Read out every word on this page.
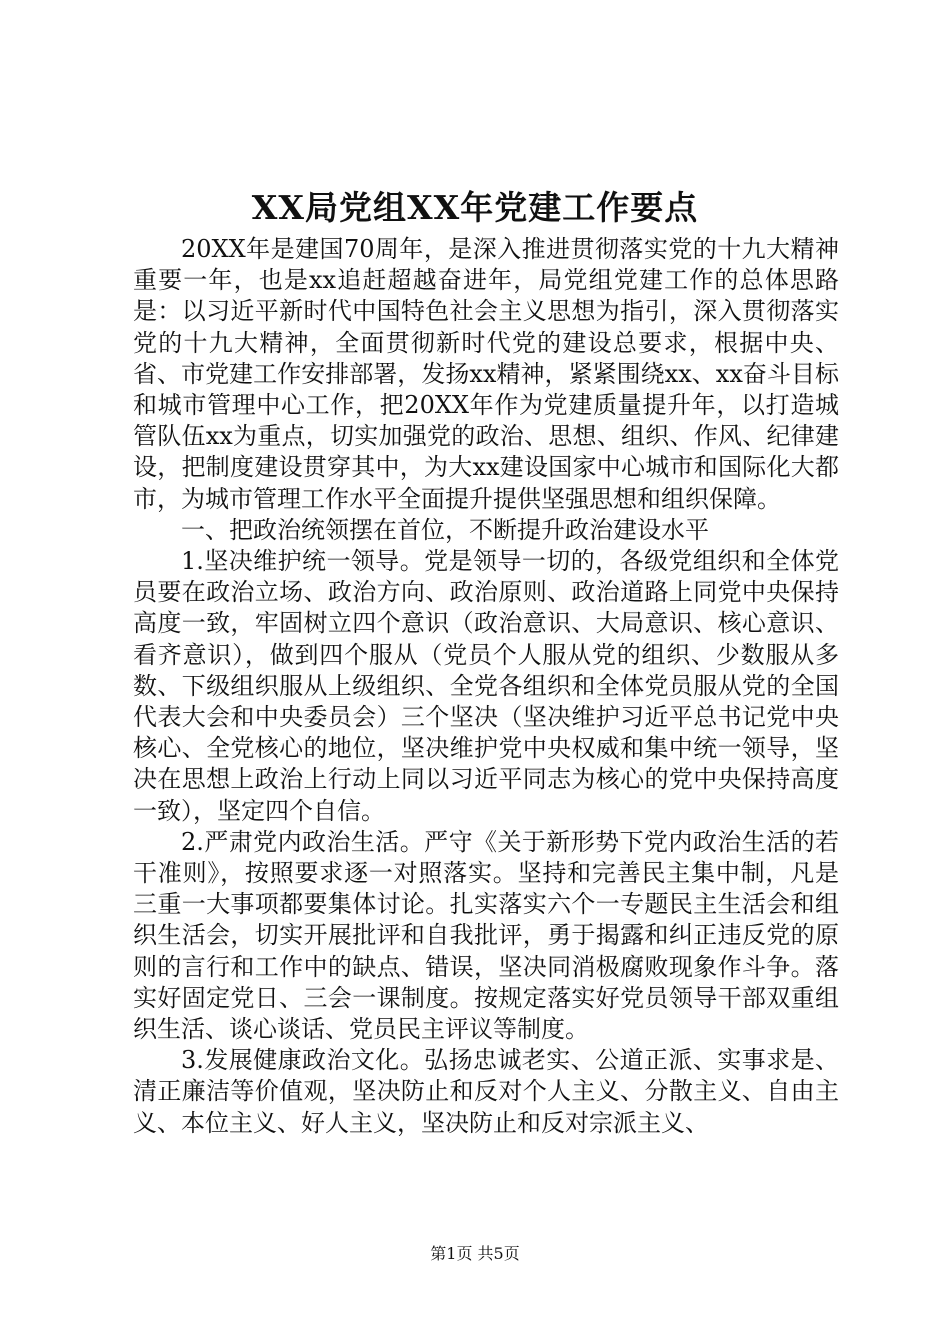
XX局党组XX年党建工作要点

20XX年是建国70周年，是深入推进贯彻落实党的十九大精神重要一年，也是xx追赶超越奋进年，局党组党建工作的总体思路是：以习近平新时代中国特色社会主义思想为指引，深入贯彻落实党的十九大精神，全面贯彻新时代党的建设总要求，根据中央、省、市党建工作安排部署，发扬xx精神，紧紧围绕xx、xx奋斗目标和城市管理中心工作，把20XX年作为党建质量提升年，以打造城管队伍xx为重点，切实加强党的政治、思想、组织、作风、纪律建设，把制度建设贯穿其中，为大xx建设国家中心城市和国际化大都市，为城市管理工作水平全面提升提供坚强思想和组织保障。

一、把政治统领摆在首位，不断提升政治建设水平

1.坚决维护统一领导。党是领导一切的，各级党组织和全体党员要在政治立场、政治方向、政治原则、政治道路上同党中央保持高度一致，牢固树立四个意识（政治意识、大局意识、核心意识、看齐意识），做到四个服从（党员个人服从党的组织、少数服从多数、下级组织服从上级组织、全党各组织和全体党员服从党的全国代表大会和中央委员会）三个坚决（坚决维护习近平总书记党中央核心、全党核心的地位，坚决维护党中央权威和集中统一领导，坚决在思想上政治上行动上同以习近平同志为核心的党中央保持高度一致），坚定四个自信。

2.严肃党内政治生活。严守《关于新形势下党内政治生活的若干准则》，按照要求逐一对照落实。坚持和完善民主集中制，凡是三重一大事项都要集体讨论。扎实落实六个一专题民主生活会和组织生活会，切实开展批评和自我批评，勇于揭露和纠正违反党的原则的言行和工作中的缺点、错误，坚决同消极腐败现象作斗争。落实好固定党日、三会一课制度。按规定落实好党员领导干部双重组织生活、谈心谈话、党员民主评议等制度。

3.发展健康政治文化。弘扬忠诚老实、公道正派、实事求是、清正廉洁等价值观，坚决防止和反对个人主义、分散主义、自由主义、本位主义、好人主义，坚决防止和反对宗派主义、

第1页 共5页
